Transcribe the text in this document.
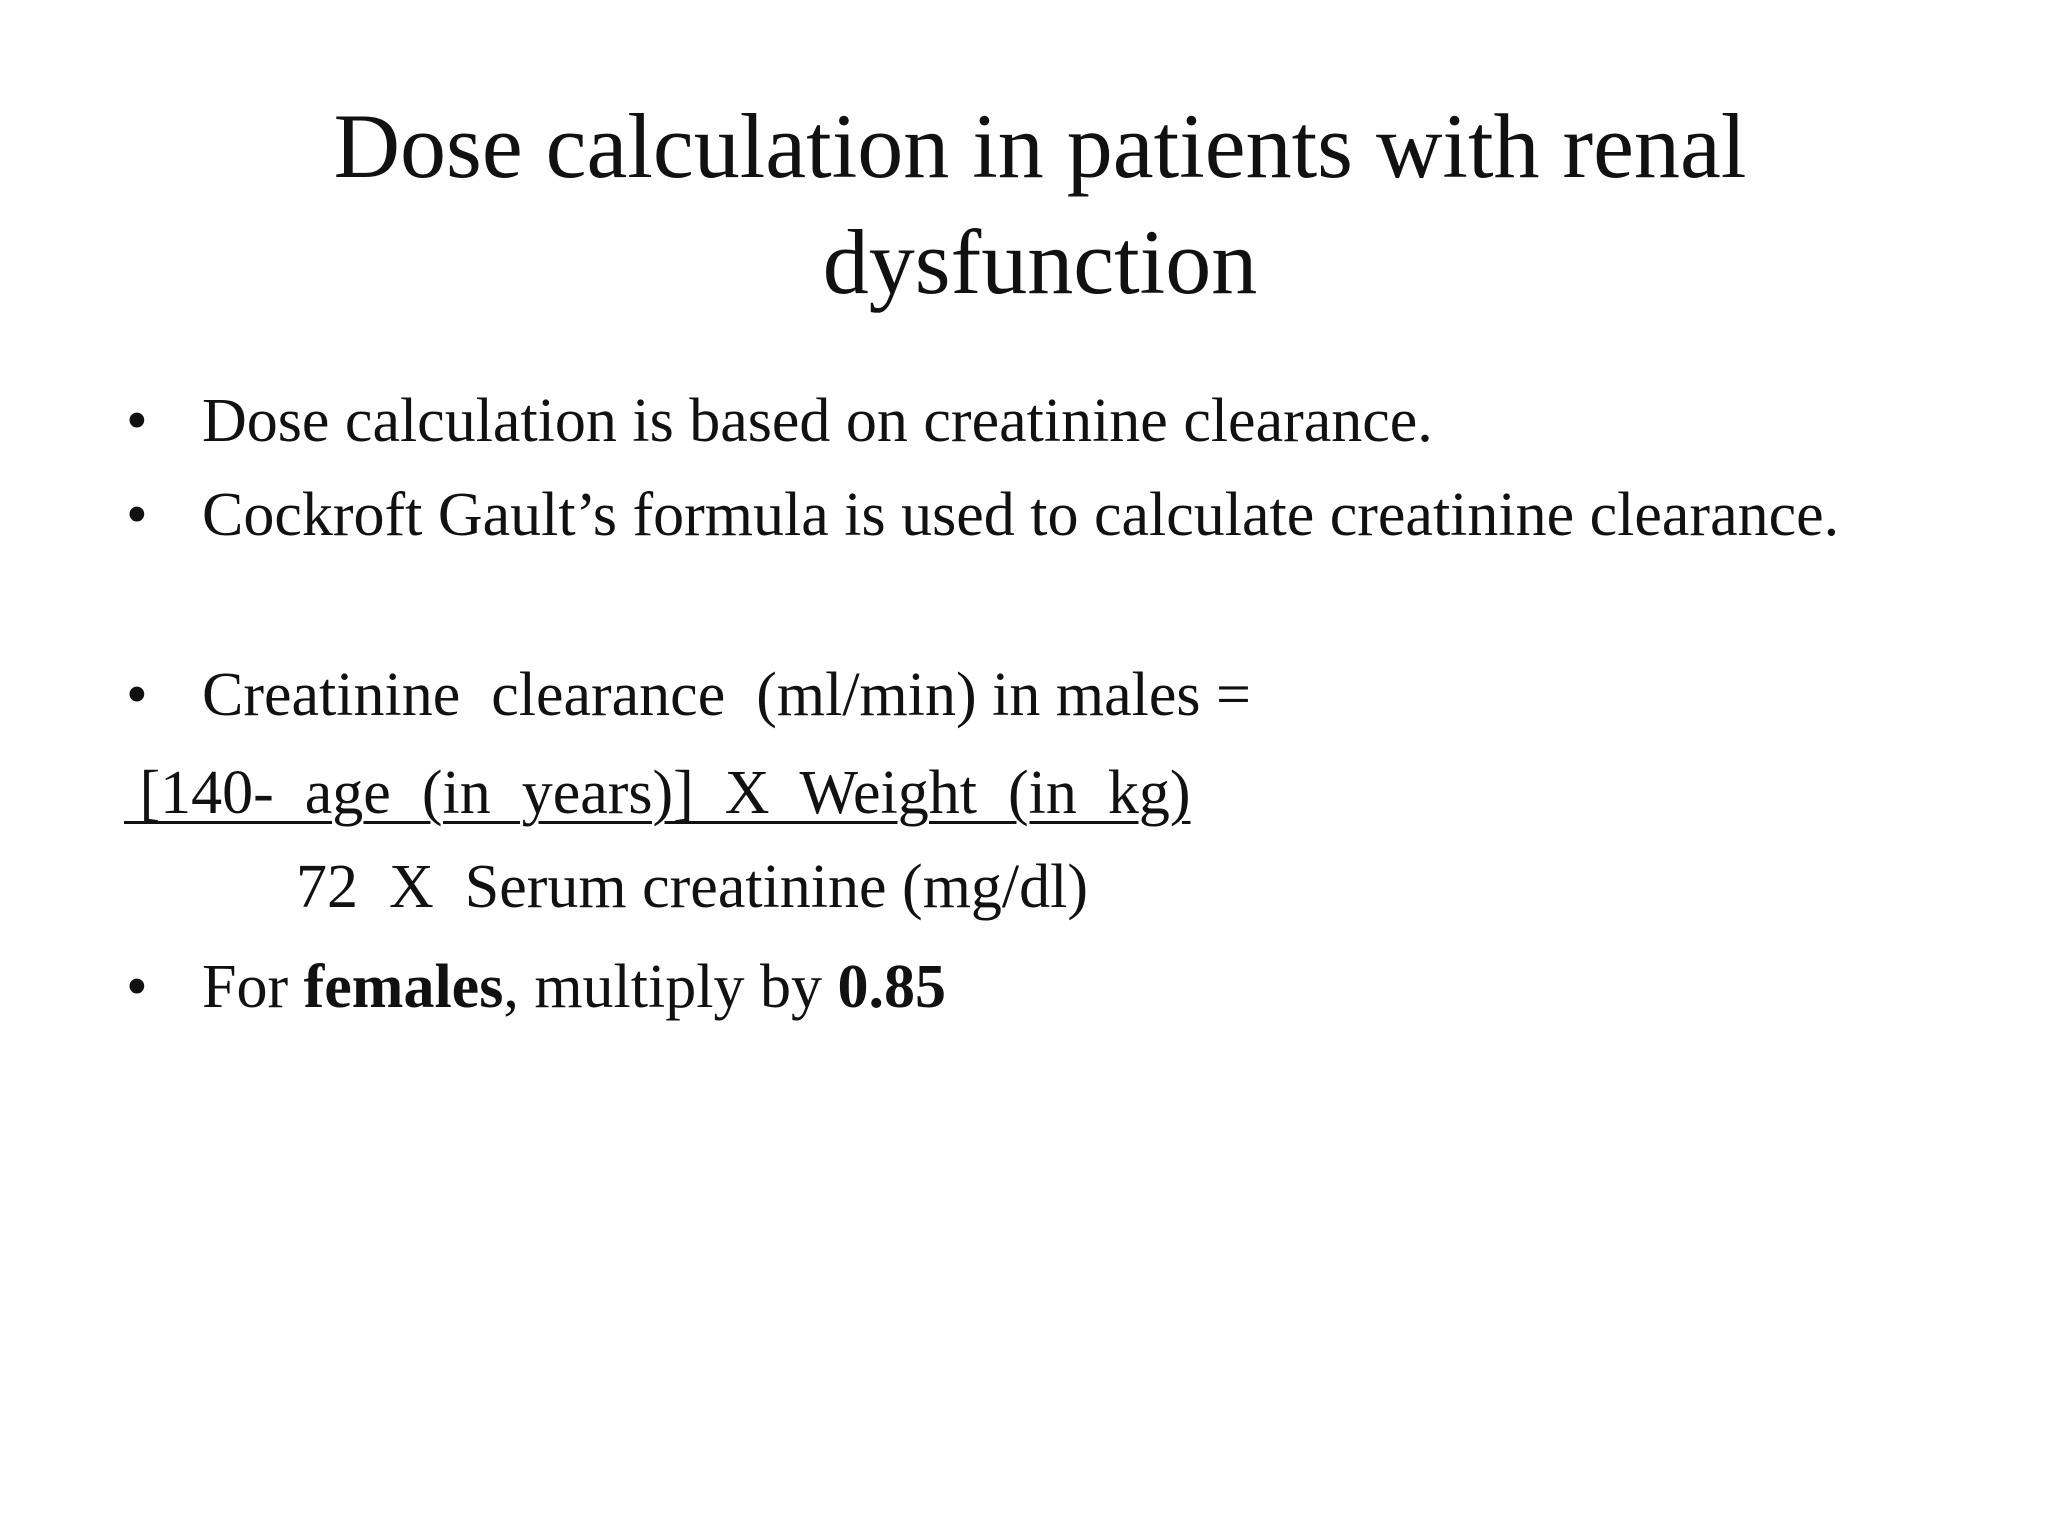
Dose calculation in patients with renal dysfunction
• Dose calculation is based on creatinine clearance.
• Cockroft Gault’s formula is used to calculate creatinine clearance.
• Creatinine  clearance  (ml/min) in males =
[140-  age  (in  years)]  X  Weight  (in  kg)
72  X  Serum creatinine (mg/dl)
• For females, multiply by 0.85
